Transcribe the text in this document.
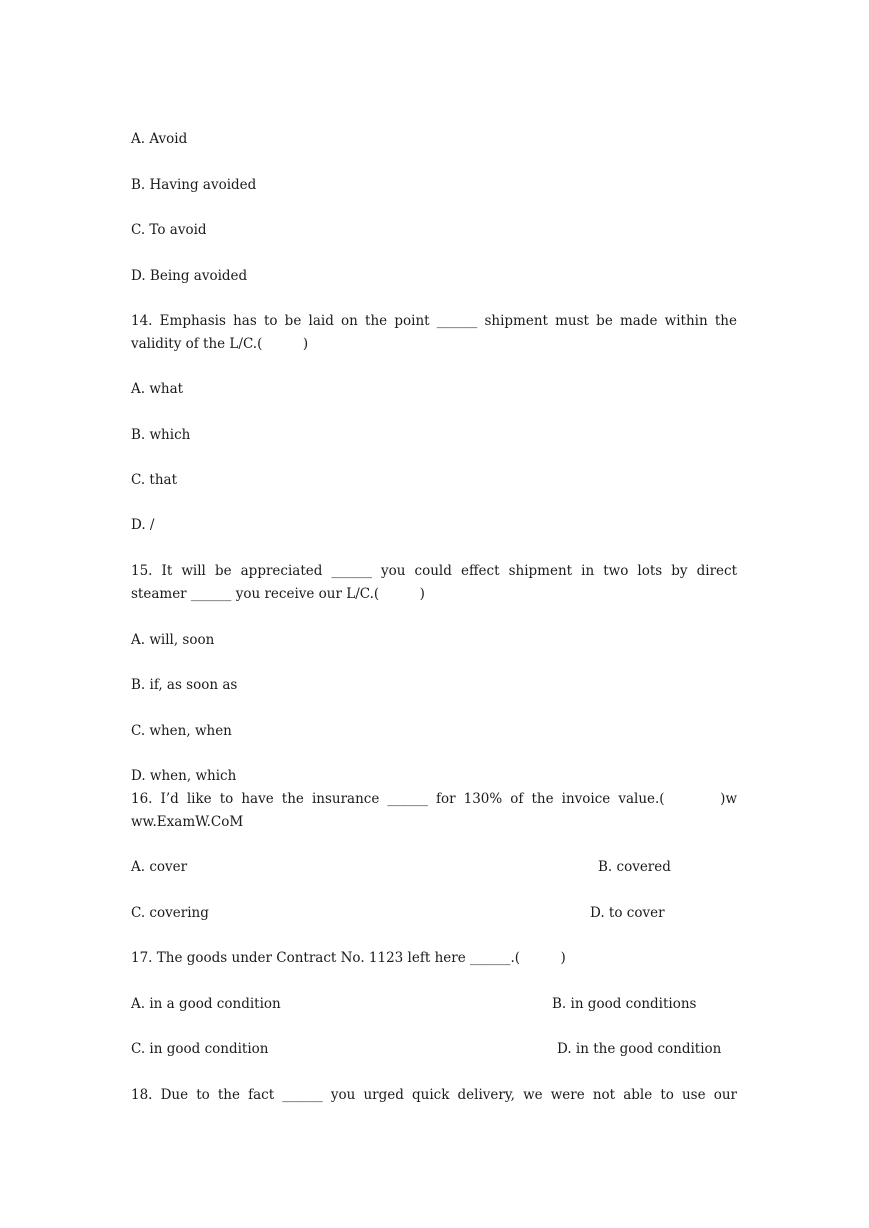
A. Avoid
B. Having avoided
C. To avoid
D. Being avoided
14. Emphasis has to be laid on the point ______ shipment must be made within the
validity of the L/C.(　　　)
A. what
B. which
C. that
D. /
15. It will be appreciated ______ you could effect shipment in two lots by direct
steamer ______ you receive our L/C.(　　　)
A. will, soon
B. if, as soon as
C. when, when
D. when, which
16. I’d like to have the insurance ______ for 130% of the invoice value.(　　　)w
ww.ExamW.CoM
A. cover	B. covered
C. covering	D. to cover
17. The goods under Contract No. 1123 left here ______.(　　　)
A. in a good condition	B. in good conditions
C. in good condition	D. in the good condition
18. Due to the fact ______ you urged quick delivery, we were not able to use our
